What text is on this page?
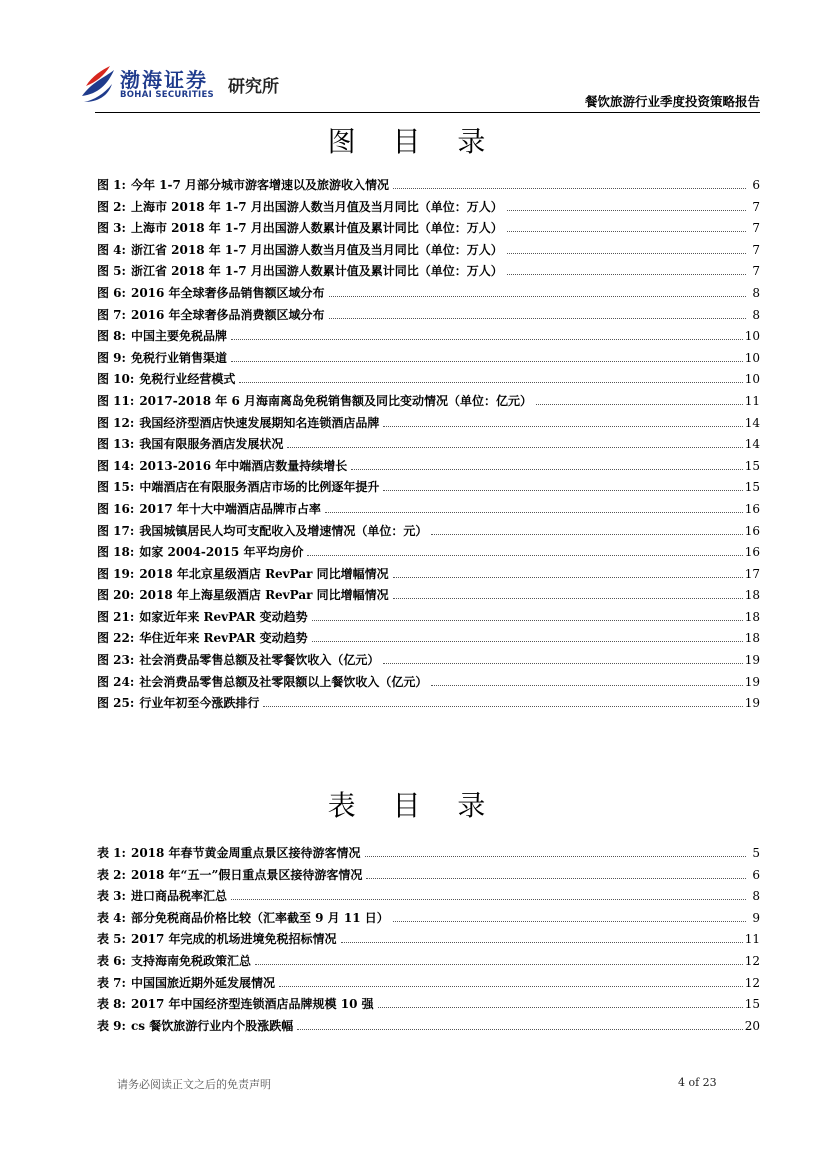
渤海证券
BOHAI SECURITIES 研究所
餐饮旅游行业季度投资策略报告
图 目 录
图 1: 今年 1-7 月部分城市游客增速以及旅游收入情况	6
图 2: 上海市 2018 年 1-7 月出国游人数当月值及当月同比（单位：万人）	7
图 3: 上海市 2018 年 1-7 月出国游人数累计值及累计同比（单位：万人）	7
图 4: 浙江省 2018 年 1-7 月出国游人数当月值及当月同比（单位：万人）	7
图 5: 浙江省 2018 年 1-7 月出国游人数累计值及累计同比（单位：万人）	7
图 6: 2016 年全球奢侈品销售额区域分布	8
图 7: 2016 年全球奢侈品消费额区域分布	8
图 8: 中国主要免税品牌	10
图 9: 免税行业销售渠道	10
图 10: 免税行业经营模式	10
图 11: 2017-2018 年 6 月海南离岛免税销售额及同比变动情况（单位：亿元）	11
图 12: 我国经济型酒店快速发展期知名连锁酒店品牌	14
图 13: 我国有限服务酒店发展状况	14
图 14: 2013-2016 年中端酒店数量持续增长	15
图 15: 中端酒店在有限服务酒店市场的比例逐年提升	15
图 16: 2017 年十大中端酒店品牌市占率	16
图 17: 我国城镇居民人均可支配收入及增速情况（单位：元）	16
图 18: 如家 2004-2015 年平均房价	16
图 19: 2018 年北京星级酒店 RevPar 同比增幅情况	17
图 20: 2018 年上海星级酒店 RevPar 同比增幅情况	18
图 21: 如家近年来 RevPAR 变动趋势	18
图 22: 华住近年来 RevPAR 变动趋势	18
图 23: 社会消费品零售总额及社零餐饮收入（亿元）	19
图 24: 社会消费品零售总额及社零限额以上餐饮收入（亿元）	19
图 25: 行业年初至今涨跌排行	19
表 目 录
表 1: 2018 年春节黄金周重点景区接待游客情况	5
表 2: 2018 年“五一”假日重点景区接待游客情况	6
表 3: 进口商品税率汇总	8
表 4: 部分免税商品价格比较（汇率截至 9 月 11 日）	9
表 5: 2017 年完成的机场进境免税招标情况	11
表 6: 支持海南免税政策汇总	12
表 7: 中国国旅近期外延发展情况	12
表 8: 2017 年中国经济型连锁酒店品牌规模 10 强	15
表 9: cs 餐饮旅游行业内个股涨跌幅	20
请务必阅读正文之后的免责声明	4 of 23
